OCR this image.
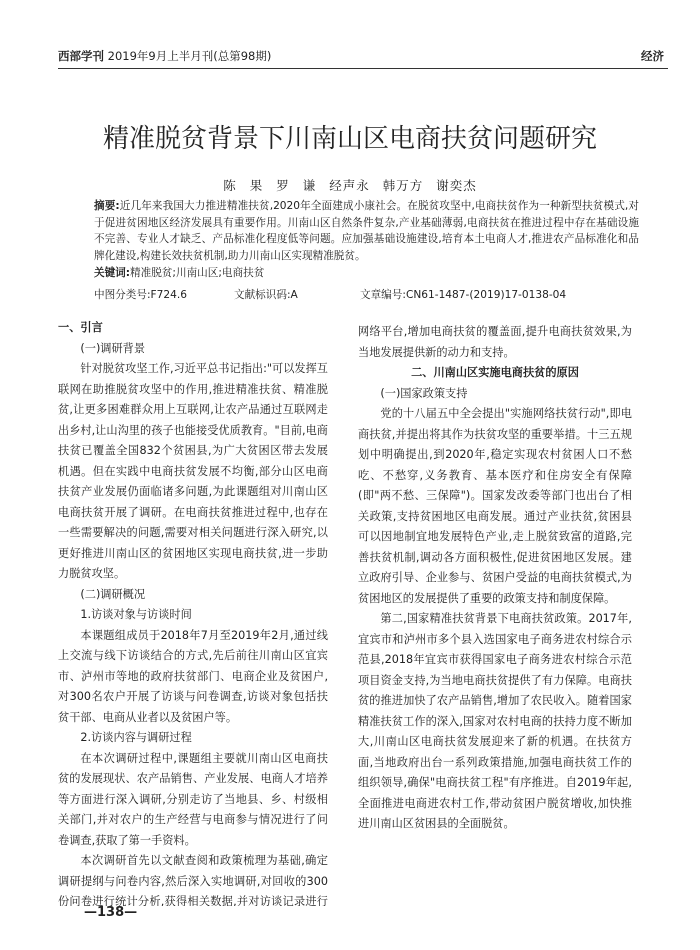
西部学刊 2019年9月上半月刊(总第98期)	经济
精准脱贫背景下川南山区电商扶贫问题研究
陈 果 罗 谦 经声永 韩万方 谢奕杰
摘要:近几年来我国大力推进精准扶贫,2020年全面建成小康社会。在脱贫攻坚中,电商扶贫作为一种新型扶贫模式,对于促进贫困地区经济发展具有重要作用。川南山区自然条件复杂,产业基础薄弱,电商扶贫在推进过程中存在基础设施不完善、专业人才缺乏、产品标准化程度低等问题。应加强基础设施建设,培育本土电商人才,推进农产品标准化和品牌化建设,构建长效扶贫机制,助力川南山区实现精准脱贫。
关键词:精准脱贫;川南山区;电商扶贫
中图分类号:F724.6	文献标识码:A	文章编号:CN61-1487-(2019)17-0138-04
一、引言
(一)调研背景

针对脱贫攻坚工作,习近平总书记指出:"可以发挥互联网在助推脱贫攻坚中的作用,推进精准扶贫、精准脱贫,让更多困难群众用上互联网,让农产品通过互联网走出乡村,让山沟里的孩子也能接受优质教育。"目前,电商扶贫已覆盖全国832个贫困县,为广大贫困区带去发展机遇。但在实践中电商扶贫发展不均衡,部分山区电商扶贫产业发展仍面临诸多问题,为此课题组对川南山区电商扶贫开展了调研。在电商扶贫推进过程中,也存在一些需要解决的问题,需要对相关问题进行深入研究,以更好推进川南山区的贫困地区实现电商扶贫,进一步助力脱贫攻坚。

(二)调研概况

1.访谈对象与访谈时间

本课题组成员于2018年7月至2019年2月,通过线上交流与线下访谈结合的方式,先后前往川南山区宜宾市、泸州市等地的政府扶贫部门、电商企业及贫困户,对300名农户开展了访谈与问卷调查,访谈对象包括扶贫干部、电商从业者以及贫困户等。

2.访谈内容与调研过程

在本次调研过程中,课题组主要就川南山区电商扶贫的发展现状、农产品销售、产业发展、电商人才培养等方面进行深入调研,分别走访了当地县、乡、村级相关部门,并对农户的生产经营与电商参与情况进行了问卷调查,获取了第一手资料。

本次调研首先以文献查阅和政策梳理为基础,确定调研提纲与问卷内容,然后深入实地调研,对回收的300份问卷进行统计分析,获得相关数据,并对访谈记录进行

网络平台,增加电商扶贫的覆盖面,提升电商扶贫效果,为当地发展提供新的动力和支持。

二、川南山区实施电商扶贫的原因
(一)国家政策支持

党的十八届五中全会提出"实施网络扶贫行动",即电商扶贫,并提出将其作为扶贫攻坚的重要举措。十三五规划中明确提出,到2020年,稳定实现农村贫困人口不愁吃、不愁穿,义务教育、基本医疗和住房安全有保障(即"两不愁、三保障")。国家发改委等部门也出台了相关政策,支持贫困地区电商发展。通过产业扶贫,贫困县可以因地制宜地发展特色产业,走上脱贫致富的道路,完善扶贫机制,调动各方面积极性,促进贫困地区发展。建立政府引导、企业参与、贫困户受益的电商扶贫模式,为贫困地区的发展提供了重要的政策支持和制度保障。

第二,国家精准扶贫背景下电商扶贫政策。2017年,宜宾市和泸州市多个县入选国家电子商务进农村综合示范县,2018年宜宾市获得国家电子商务进农村综合示范项目资金支持,为当地电商扶贫提供了有力保障。电商扶贫的推进加快了农产品销售,增加了农民收入。随着国家精准扶贫工作的深入,国家对农村电商的扶持力度不断加大,川南山区电商扶贫发展迎来了新的机遇。在扶贫方面,当地政府出台一系列政策措施,加强电商扶贫工作的组织领导,确保"电商扶贫工程"有序推进。自2019年起,全面推进电商进农村工作,带动贫困户脱贫增收,加快推进川南山区贫困县的全面脱贫。

—138—
